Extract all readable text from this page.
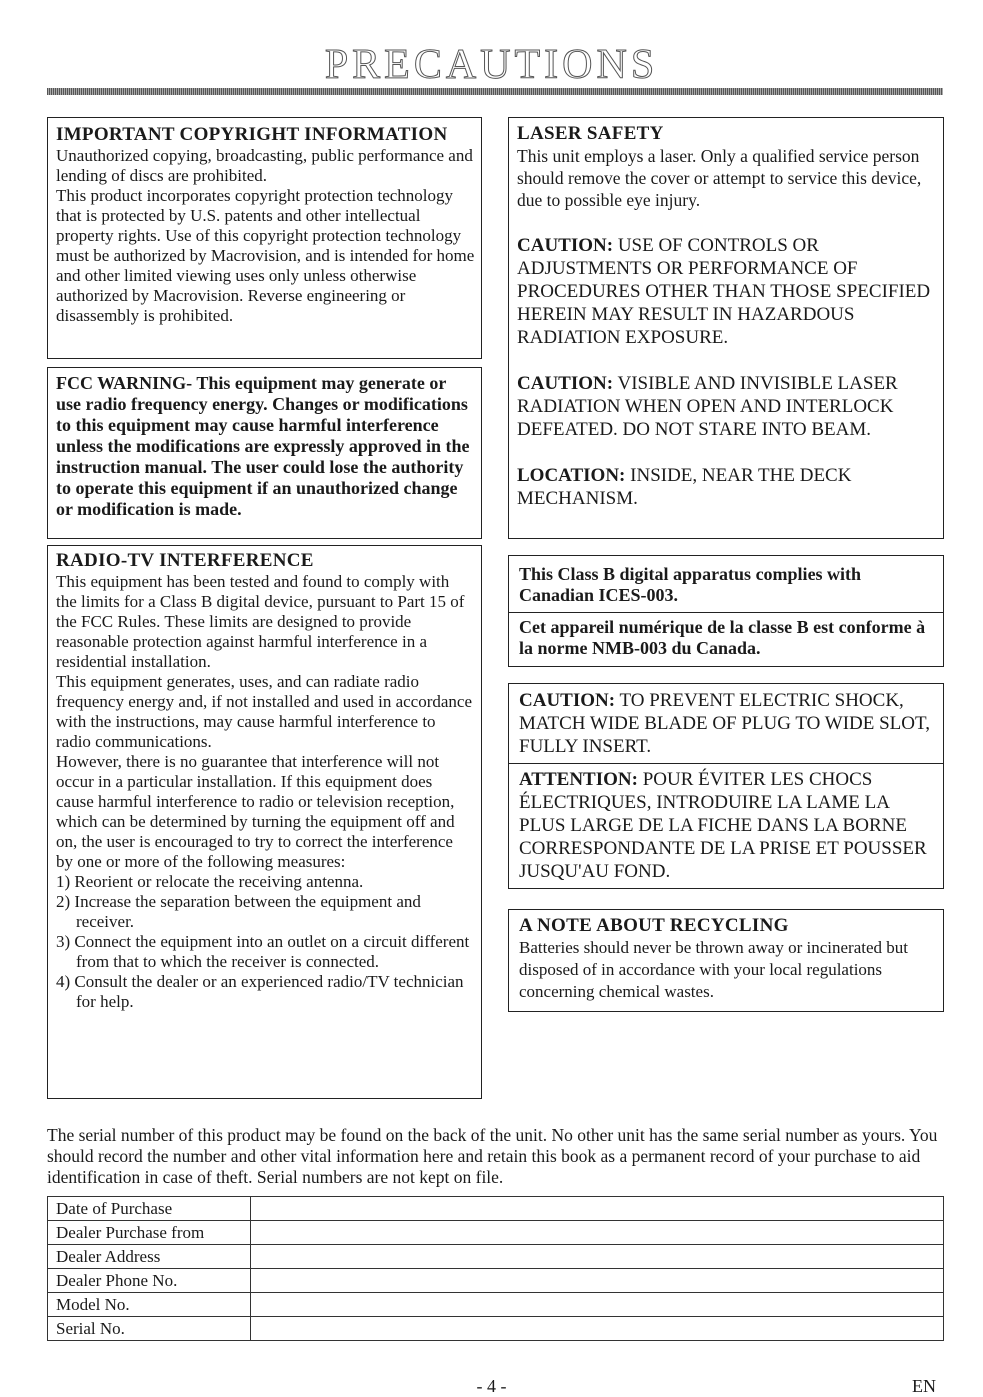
PRECAUTIONS
IMPORTANT COPYRIGHT INFORMATION

Unauthorized copying, broadcasting, public performance and lending of discs are prohibited.

This product incorporates copyright protection technology that is protected by U.S. patents and other intellectual property rights. Use of this copyright protection technology must be authorized by Macrovision, and is intended for home and other limited viewing uses only unless otherwise authorized by Macrovision. Reverse engineering or disassembly is prohibited.

FCC WARNING- This equipment may generate or use radio frequency energy. Changes or modifications to this equipment may cause harmful interference unless the modifications are expressly approved in the instruction manual. The user could lose the authority to operate this equipment if an unauthorized change or modification is made.

RADIO-TV INTERFERENCE

This equipment has been tested and found to comply with the limits for a Class B digital device, pursuant to Part 15 of the FCC Rules. These limits are designed to provide reasonable protection against harmful interference in a residential installation.

This equipment generates, uses, and can radiate radio frequency energy and, if not installed and used in accordance with the instructions, may cause harmful interference to radio communications.

However, there is no guarantee that interference will not occur in a particular installation. If this equipment does cause harmful interference to radio or television reception, which can be determined by turning the equipment off and on, the user is encouraged to try to correct the interference by one or more of the following measures:

1) Reorient or relocate the receiving antenna.
2) Increase the separation between the equipment and receiver.
3) Connect the equipment into an outlet on a circuit different from that to which the receiver is connected.
4) Consult the dealer or an experienced radio/TV technician for help.
LASER SAFETY

This unit employs a laser. Only a qualified service person should remove the cover or attempt to service this device, due to possible eye injury.

CAUTION: USE OF CONTROLS OR ADJUSTMENTS OR PERFORMANCE OF PROCEDURES OTHER THAN THOSE SPECIFIED HEREIN MAY RESULT IN HAZARDOUS RADIATION EXPOSURE.

CAUTION: VISIBLE AND INVISIBLE LASER RADIATION WHEN OPEN AND INTERLOCK DEFEATED. DO NOT STARE INTO BEAM.

LOCATION: INSIDE, NEAR THE DECK MECHANISM.

This Class B digital apparatus complies with Canadian ICES-003.

Cet appareil numérique de la classe B est conforme à la norme NMB-003 du Canada.

CAUTION: TO PREVENT ELECTRIC SHOCK, MATCH WIDE BLADE OF PLUG TO WIDE SLOT, FULLY INSERT.

ATTENTION: POUR ÉVITER LES CHOCS ÉLECTRIQUES, INTRODUIRE LA LAME LA PLUS LARGE DE LA FICHE DANS LA BORNE CORRESPONDANTE DE LA PRISE ET POUSSER JUSQU'AU FOND.

A NOTE ABOUT RECYCLING

Batteries should never be thrown away or incinerated but disposed of in accordance with your local regulations concerning chemical wastes.

The serial number of this product may be found on the back of the unit. No other unit has the same serial number as yours. You should record the number and other vital information here and retain this book as a permanent record of your purchase to aid identification in case of theft. Serial numbers are not kept on file.

Date of Purchase	
Dealer Purchase from	
Dealer Address	
Dealer Phone No.	
Model No.	
Serial No.	
- 4 -	EN
